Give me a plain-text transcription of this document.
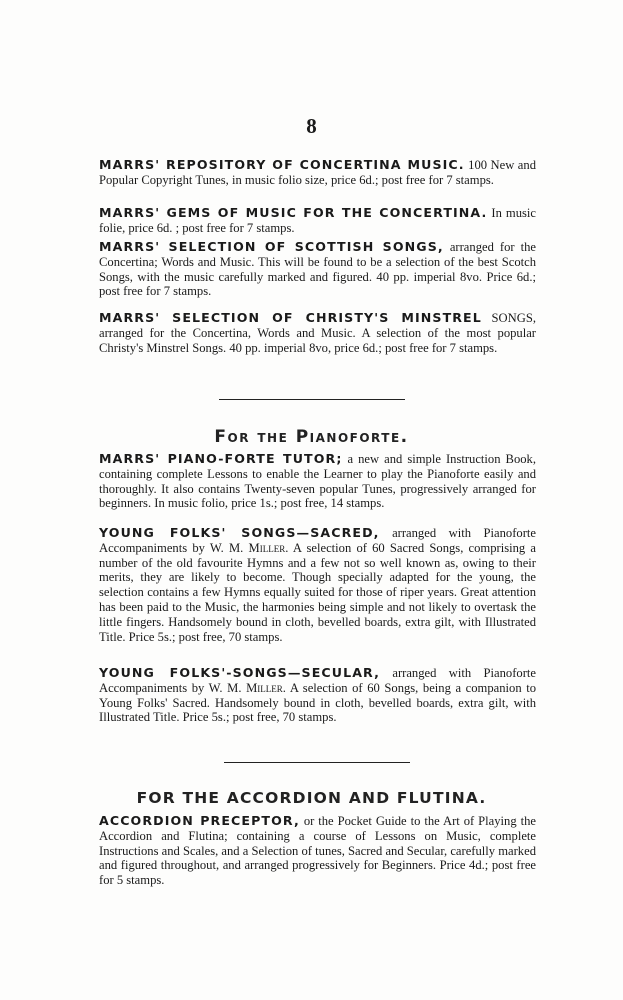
8
MARRS' REPOSITORY OF CONCERTINA MUSIC. 100 New and Popular Copyright Tunes, in music folio size, price 6d.; post free for 7 stamps.
MARRS' GEMS OF MUSIC FOR THE CONCERTINA. In music folie, price 6d. ; post free for 7 stamps.
MARRS' SELECTION OF SCOTTISH SONGS, arranged for the Concertina; Words and Music. This will be found to be a selection of the best Scotch Songs, with the music carefully marked and figured. 40 pp. imperial 8vo. Price 6d.; post free for 7 stamps.
MARRS' SELECTION OF CHRISTY'S MINSTREL SONGS, arranged for the Concertina, Words and Music. A selection of the most popular Christy's Minstrel Songs. 40 pp. imperial 8vo, price 6d.; post free for 7 stamps.
For the Pianoforte.
MARRS' PIANO-FORTE TUTOR; a new and simple Instruction Book, containing complete Lessons to enable the Learner to play the Pianoforte easily and thoroughly. It also contains Twenty-seven popular Tunes, progressively arranged for beginners. In music folio, price 1s.; post free, 14 stamps.
YOUNG FOLKS' SONGS—SACRED, arranged with Pianoforte Accompaniments by W. M. Miller. A selection of 60 Sacred Songs, comprising a number of the old favourite Hymns and a few not so well known as, owing to their merits, they are likely to become. Though specially adapted for the young, the selection contains a few Hymns equally suited for those of riper years. Great attention has been paid to the Music, the harmonies being simple and not likely to overtask the little fingers. Handsomely bound in cloth, bevelled boards, extra gilt, with Illustrated Title. Price 5s.; post free, 70 stamps.
YOUNG FOLKS'-SONGS—SECULAR, arranged with Pianoforte Accompaniments by W. M. Miller. A selection of 60 Songs, being a companion to Young Folks' Sacred. Handsomely bound in cloth, bevelled boards, extra gilt, with Illustrated Title. Price 5s.; post free, 70 stamps.
FOR THE ACCORDION AND FLUTINA.
ACCORDION PRECEPTOR, or the Pocket Guide to the Art of Playing the Accordion and Flutina; containing a course of Lessons on Music, complete Instructions and Scales, and a Selection of tunes, Sacred and Secular, carefully marked and figured throughout, and arranged progressively for Beginners. Price 4d.; post free for 5 stamps.
